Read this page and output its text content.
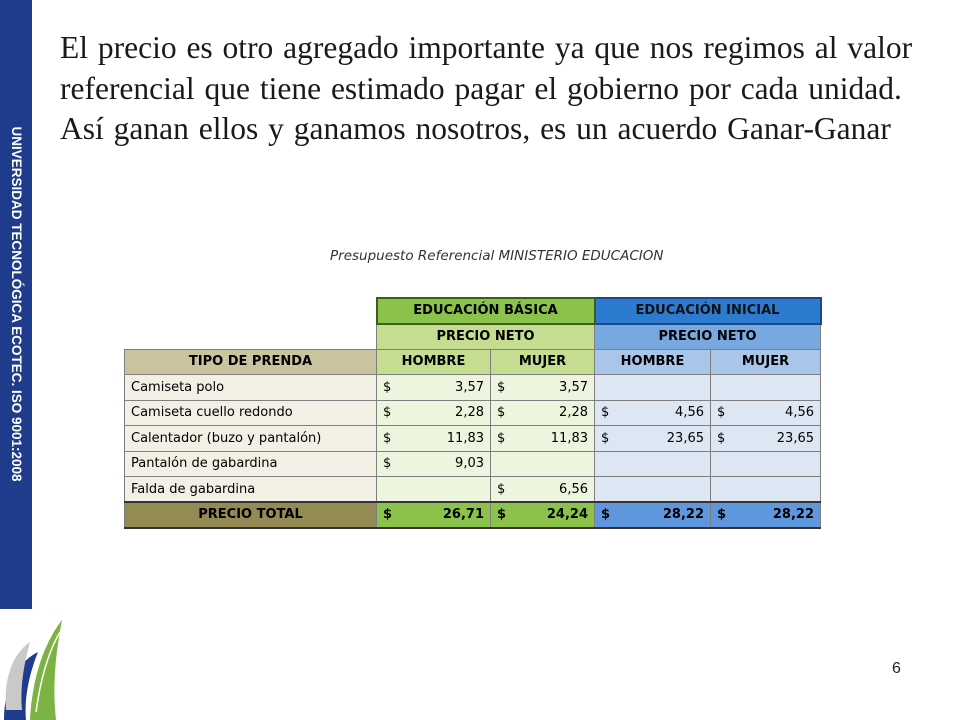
UNIVERSIDAD TECNOLÓGICA ECOTEC. ISO 9001:2008

El precio es otro agregado importante ya que nos regimos al valor referencial que tiene estimado pagar el gobierno por cada unidad. Así ganan ellos y ganamos nosotros, es un acuerdo Ganar-Ganar

Presupuesto Referencial MINISTERIO EDUCACION
	EDUCACIÓN BÁSICA		EDUCACIÓN INICIAL	
	PRECIO NETO		PRECIO NETO	
TIPO DE PRENDA	HOMBRE	MUJER	HOMBRE	MUJER
Camiseta polo	$ 3,57	$ 3,57		

Camiseta cuello redondo	$ 2,28	$ 2,28	$ 4,56	$ 4,56

Calentador (buzo y pantalón)	$ 11,83	$ 11,83	$ 23,65	$ 23,65

Pantalón de gabardina	$ 9,03			

Falda de gabardina		$ 6,56		

PRECIO TOTAL	$ 26,71	$ 24,24	$ 28,22	$ 28,22
6
